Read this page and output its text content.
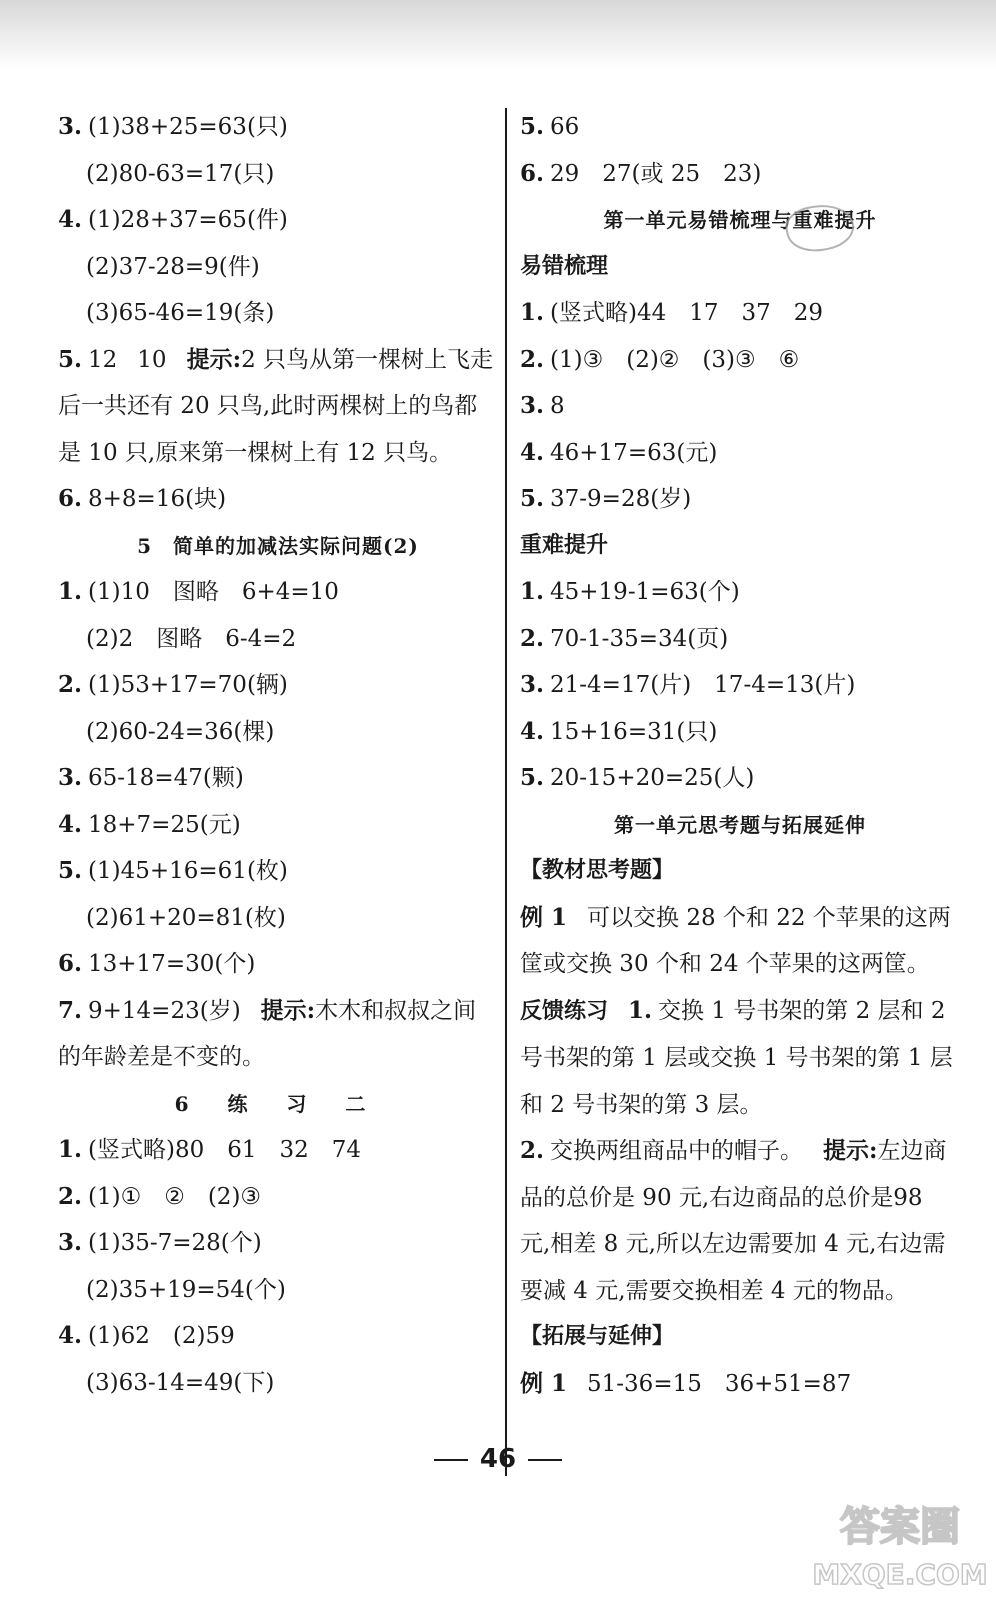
3. (1)38+25=63(只)
(2)80-63=17(只)
4. (1)28+37=65(件)
(2)37-28=9(件)
(3)65-46=19(条)
5. 12 10 提示:2 只鸟从第一棵树上飞走后一共还有 20 只鸟,此时两棵树上的鸟都是 10 只,原来第一棵树上有 12 只鸟。
6. 8+8=16(块)
5　简单的加减法实际问题(2)
1. (1)10　图略　6+4=10
(2)2　图略　6-4=2
2. (1)53+17=70(辆)
(2)60-24=36(棵)
3. 65-18=47(颗)
4. 18+7=25(元)
5. (1)45+16=61(枚)
(2)61+20=81(枚)
6. 13+17=30(个)
7. 9+14=23(岁) 提示:木木和叔叔之间的年龄差是不变的。
6 练 习 二
1. (竖式略)80　61　32　74
2. (1)①　②　(2)③
3. (1)35-7=28(个)
(2)35+19=54(个)
4. (1)62　(2)59
(3)63-14=49(下)
5. 66
6. 29　27(或 25　23)
第一单元易错梳理与重难提升
易错梳理
1. (竖式略)44　17　37　29
2. (1)③　(2)②　(3)③　⑥
3. 8
4. 46+17=63(元)
5. 37-9=28(岁)
重难提升
1. 45+19-1=63(个)
2. 70-1-35=34(页)
3. 21-4=17(片)　17-4=13(片)
4. 15+16=31(只)
5. 20-15+20=25(人)
第一单元思考题与拓展延伸
【教材思考题】
例 1 可以交换 28 个和 22 个苹果的这两筐或交换 30 个和 24 个苹果的这两筐。
反馈练习 1. 交换 1 号书架的第 2 层和 2 号书架的第 1 层或交换 1 号书架的第 1 层和 2 号书架的第 3 层。
2. 交换两组商品中的帽子。 提示:左边商品的总价是 90 元,右边商品的总价是98 元,相差 8 元,所以左边需要加 4 元,右边需要减 4 元,需要交换相差 4 元的物品。
【拓展与延伸】
例 1 51-36=15　36+51=87
46
答案圈
MXQE.COM
